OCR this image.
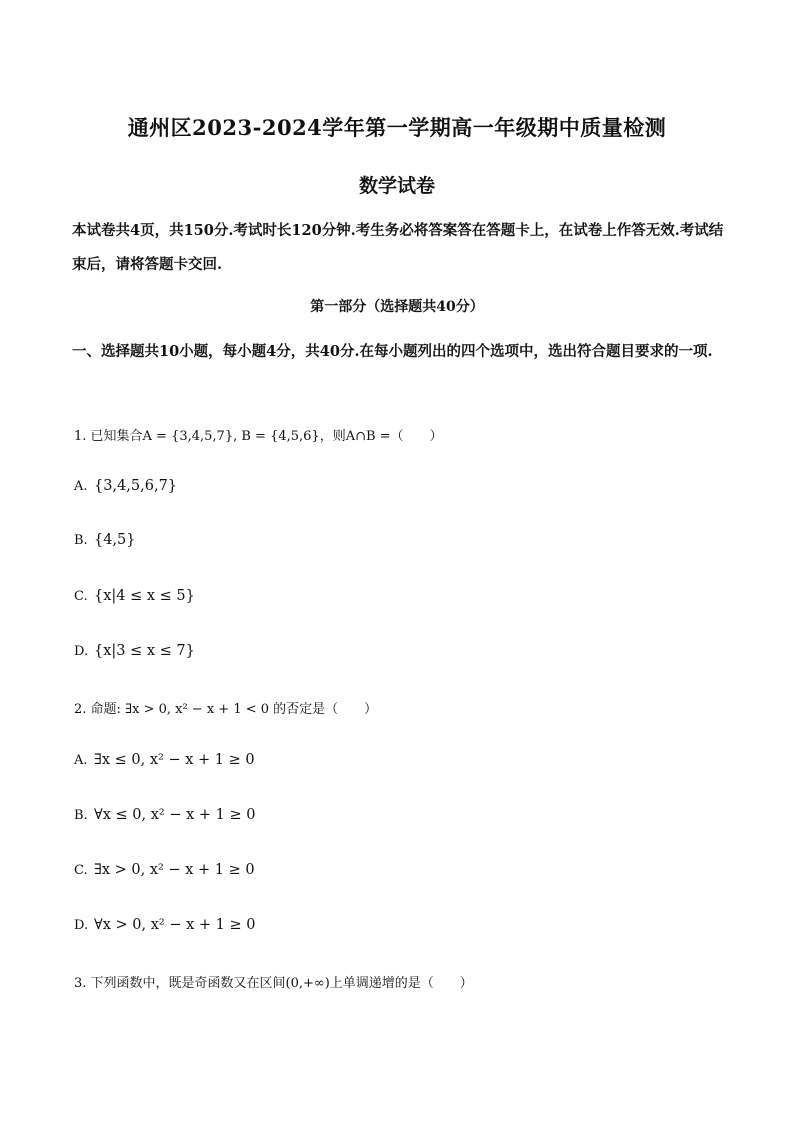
通州区2023-2024学年第一学期高一年级期中质量检测
数学试卷
本试卷共4页，共150分.考试时长120分钟.考生务必将答案答在答题卡上，在试卷上作答无效.考试结束后，请将答题卡交回.
第一部分（选择题共40分）
一、选择题共10小题，每小题4分，共40分.在每小题列出的四个选项中，选出符合题目要求的一项.
1. 已知集合A = {3,4,5,7}, B = {4,5,6}，则A∩B =（　　）
A. {3,4,5,6,7}
B. {4,5}
C. {x|4 ≤ x ≤ 5}
D. {x|3 ≤ x ≤ 7}
2. 命题: ∃x > 0, x² − x + 1 < 0 的否定是（　　）
A. ∃x ≤ 0, x² − x + 1 ≥ 0
B. ∀x ≤ 0, x² − x + 1 ≥ 0
C. ∃x > 0, x² − x + 1 ≥ 0
D. ∀x > 0, x² − x + 1 ≥ 0
3. 下列函数中，既是奇函数又在区间(0,+∞)上单调递增的是（　　）
